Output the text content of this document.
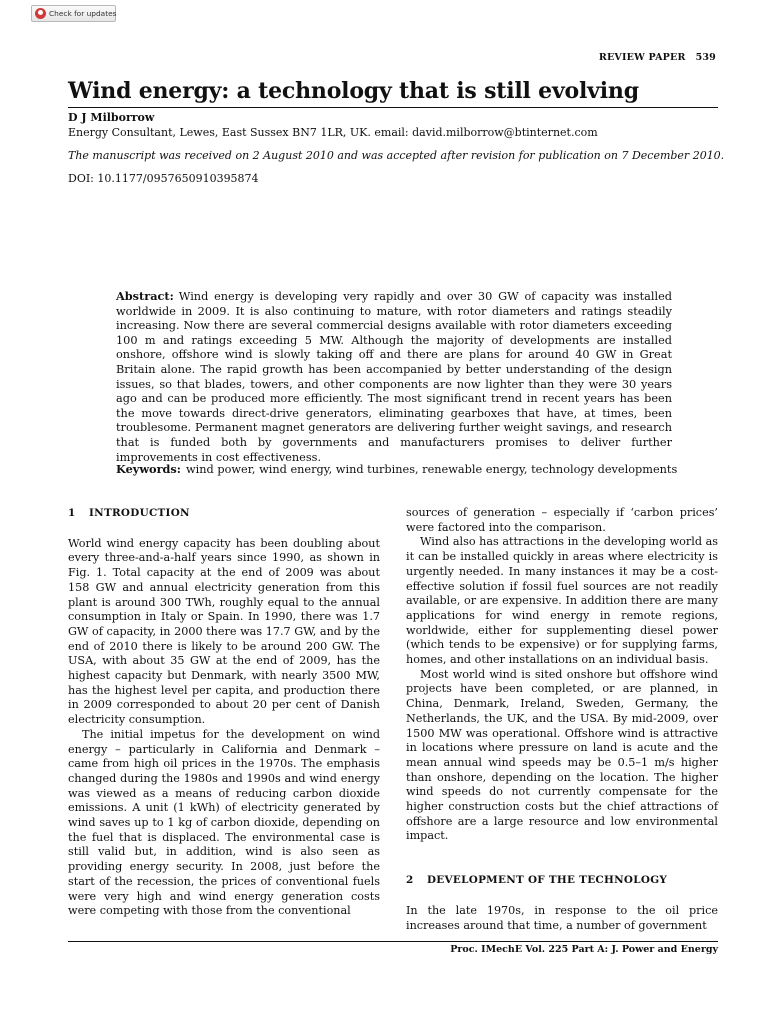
Check for updates
REVIEW PAPER 539
Wind energy: a technology that is still evolving
D J Milborrow
Energy Consultant, Lewes, East Sussex BN7 1LR, UK. email: david.milborrow@btinternet.com
The manuscript was received on 2 August 2010 and was accepted after revision for publication on 7 December 2010.
DOI: 10.1177/0957650910395874
Abstract: Wind energy is developing very rapidly and over 30 GW of capacity was installed worldwide in 2009. It is also continuing to mature, with rotor diameters and ratings steadily increasing. Now there are several commercial designs available with rotor diameters exceeding 100 m and ratings exceeding 5 MW. Although the majority of developments are installed onshore, offshore wind is slowly taking off and there are plans for around 40 GW in Great Britain alone. The rapid growth has been accompanied by better understanding of the design issues, so that blades, towers, and other components are now lighter than they were 30 years ago and can be produced more efficiently. The most significant trend in recent years has been the move towards direct-drive generators, eliminating gearboxes that have, at times, been troublesome. Permanent magnet generators are delivering further weight savings, and research that is funded both by governments and manufacturers promises to deliver further improvements in cost effectiveness.
Keywords: wind power, wind energy, wind turbines, renewable energy, technology developments
1 INTRODUCTION

World wind energy capacity has been doubling about every three-and-a-half years since 1990, as shown in Fig. 1. Total capacity at the end of 2009 was about 158 GW and annual electricity generation from this plant is around 300 TWh, roughly equal to the annual consumption in Italy or Spain. In 1990, there was 1.7 GW of capacity, in 2000 there was 17.7 GW, and by the end of 2010 there is likely to be around 200 GW. The USA, with about 35 GW at the end of 2009, has the highest capacity but Denmark, with nearly 3500 MW, has the highest level per capita, and production there in 2009 corresponded to about 20 per cent of Danish electricity consumption.

The initial impetus for the development on wind energy – particularly in California and Denmark – came from high oil prices in the 1970s. The emphasis changed during the 1980s and 1990s and wind energy was viewed as a means of reducing carbon dioxide emissions. A unit (1 kWh) of electricity generated by wind saves up to 1 kg of carbon dioxide, depending on the fuel that is displaced. The environmental case is still valid but, in addition, wind is also seen as providing energy security. In 2008, just before the start of the recession, the prices of conventional fuels were very high and wind energy generation costs were competing with those from the conventional

sources of generation – especially if ‘carbon prices’ were factored into the comparison.

Wind also has attractions in the developing world as it can be installed quickly in areas where electricity is urgently needed. In many instances it may be a cost-effective solution if fossil fuel sources are not readily available, or are expensive. In addition there are many applications for wind energy in remote regions, worldwide, either for supplementing diesel power (which tends to be expensive) or for supplying farms, homes, and other installations on an individual basis.

Most world wind is sited onshore but offshore wind projects have been completed, or are planned, in China, Denmark, Ireland, Sweden, Germany, the Netherlands, the UK, and the USA. By mid-2009, over 1500 MW was operational. Offshore wind is attractive in locations where pressure on land is acute and the mean annual wind speeds may be 0.5–1 m/s higher than onshore, depending on the location. The higher wind speeds do not currently compensate for the higher construction costs but the chief attractions of offshore are a large resource and low environmental impact.

2 DEVELOPMENT OF THE TECHNOLOGY

In the late 1970s, in response to the oil price increases around that time, a number of government

Proc. IMechE Vol. 225 Part A: J. Power and Energy
